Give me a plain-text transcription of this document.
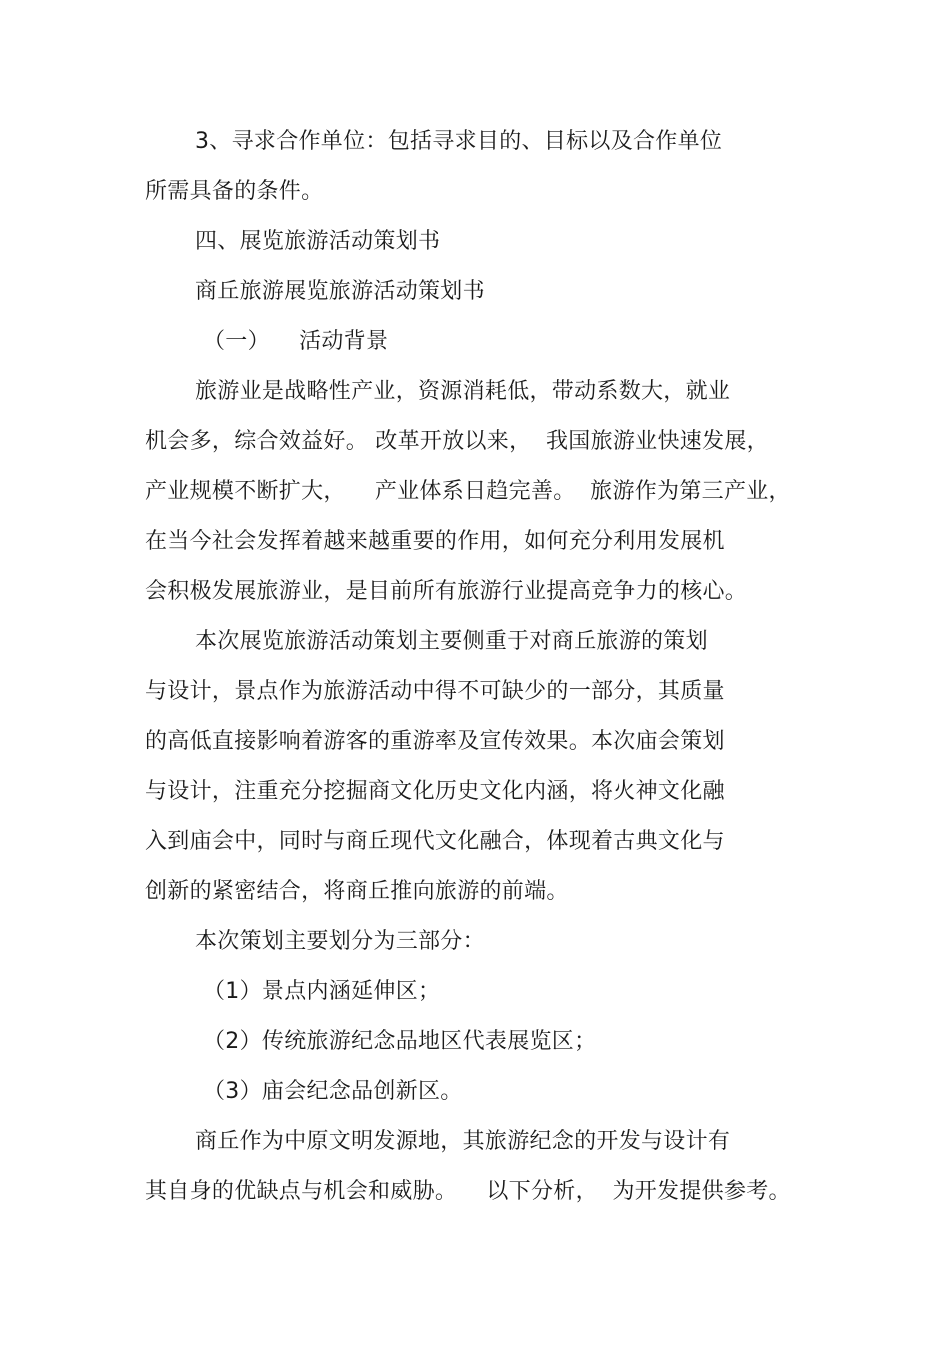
3、寻求合作单位：包括寻求目的、目标以及合作单位
所需具备的条件。
四、展览旅游活动策划书
商丘旅游展览旅游活动策划书
（一）    活动背景
旅游业是战略性产业，资源消耗低，带动系数大，就业
机会多，综合效益好。 改革开放以来，  我国旅游业快速发展，
产业规模不断扩大，    产业体系日趋完善。  旅游作为第三产业，
在当今社会发挥着越来越重要的作用，如何充分利用发展机
会积极发展旅游业，是目前所有旅游行业提高竞争力的核心。
本次展览旅游活动策划主要侧重于对商丘旅游的策划
与设计，景点作为旅游活动中得不可缺少的一部分，其质量
的高低直接影响着游客的重游率及宣传效果。本次庙会策划
与设计，注重充分挖掘商文化历史文化内涵，将火神文化融
入到庙会中，同时与商丘现代文化融合，体现着古典文化与
创新的紧密结合，将商丘推向旅游的前端。
本次策划主要划分为三部分：
（1）景点内涵延伸区；
（2）传统旅游纪念品地区代表展览区；
（3）庙会纪念品创新区。
商丘作为中原文明发源地，其旅游纪念的开发与设计有
其自身的优缺点与机会和威胁。    以下分析，  为开发提供参考。
